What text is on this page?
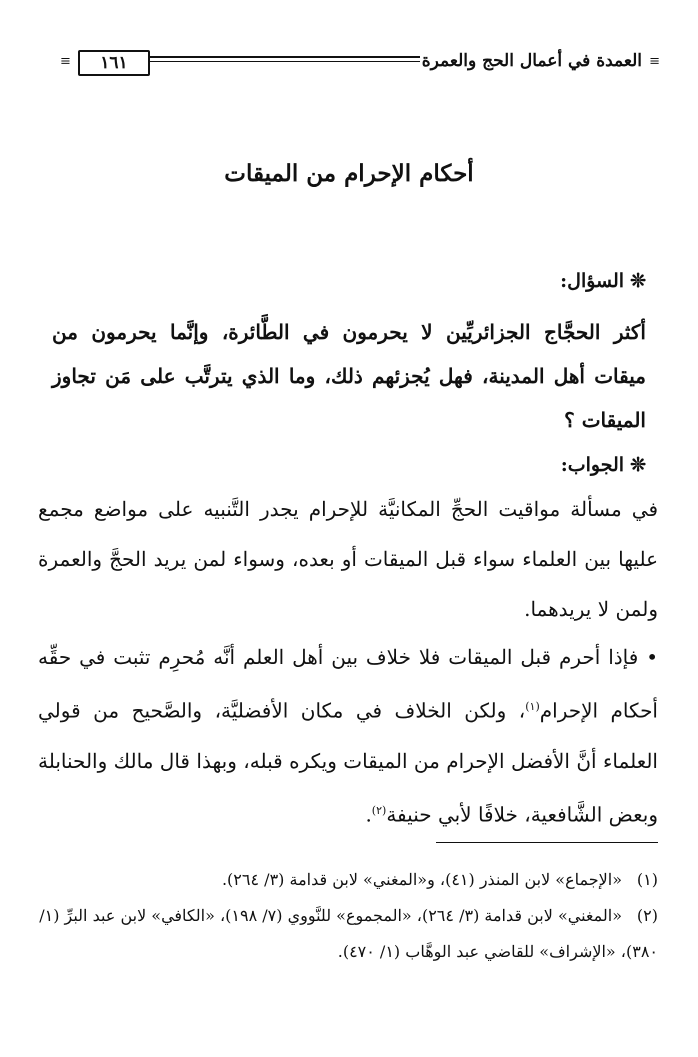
≡
العمدة في أعمال الحج والعمرة
١٦١
≡
أحكام الإحرام من الميقات
❊السؤال:
أكثر الحجَّاج الجزائريِّين لا يحرمون في الطَّائرة، وإنَّما يحرمون من ميقات أهل المدينة، فهل يُجزئهم ذلك، وما الذي يترتَّب على مَن تجاوز الميقات ؟
❊الجواب:
في مسألة مواقيت الحجِّ المكانيَّة للإحرام يجدر التَّنبيه على مواضع مجمع عليها بين العلماء سواء قبل الميقات أو بعده، وسواء لمن يريد الحجَّ والعمرة ولمن لا يريدهما.
• فإذا أحرم قبل الميقات فلا خلاف بين أهل العلم أنَّه مُحرِم تثبت في حقِّه أحكام الإحرام$^{(١)}$، ولكن الخلاف في مكان الأفضليَّة، والصَّحيح من قولي العلماء أنَّ الأفضل الإحرام من الميقات ويكره قبله، وبهذا قال مالك والحنابلة وبعض الشَّافعية، خلافًا لأبي حنيفة$^{(٢)}$.
(١)«الإجماع» لابن المنذر (٤١)، و«المغني» لابن قدامة (٣/ ٢٦٤).
(٢)«المغني» لابن قدامة (٣/ ٢٦٤)، «المجموع» للنَّووي (٧/ ١٩٨)، «الكافي» لابن عبد البرِّ (١/ ٣٨٠)، «الإشراف» للقاضي عبد الوهَّاب (١/ ٤٧٠).
